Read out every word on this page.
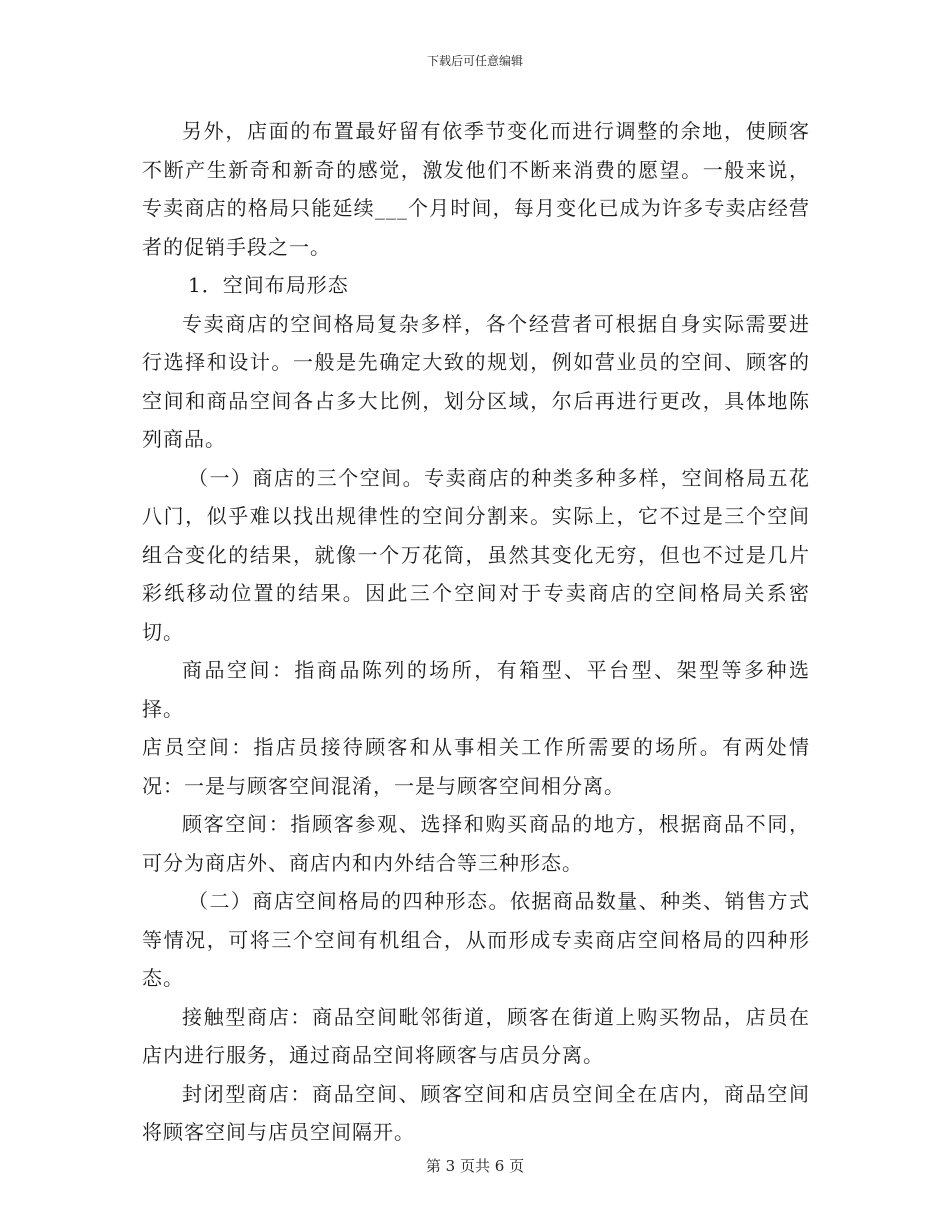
下载后可任意编辑

另外，店面的布置最好留有依季节变化而进行调整的余地，使顾客不断产生新奇和新奇的感觉，激发他们不断来消费的愿望。一般来说，专卖商店的格局只能延续___个月时间，每月变化已成为许多专卖店经营者的促销手段之一。

1．空间布局形态

专卖商店的空间格局复杂多样，各个经营者可根据自身实际需要进行选择和设计。一般是先确定大致的规划，例如营业员的空间、顾客的空间和商品空间各占多大比例，划分区域，尔后再进行更改，具体地陈列商品。

（一）商店的三个空间。专卖商店的种类多种多样，空间格局五花八门，似乎难以找出规律性的空间分割来。实际上，它不过是三个空间组合变化的结果，就像一个万花筒，虽然其变化无穷，但也不过是几片彩纸移动位置的结果。因此三个空间对于专卖商店的空间格局关系密切。

商品空间：指商品陈列的场所，有箱型、平台型、架型等多种选择。

店员空间：指店员接待顾客和从事相关工作所需要的场所。有两处情况：一是与顾客空间混淆，一是与顾客空间相分离。

顾客空间：指顾客参观、选择和购买商品的地方，根据商品不同，可分为商店外、商店内和内外结合等三种形态。

（二）商店空间格局的四种形态。依据商品数量、种类、销售方式等情况，可将三个空间有机组合，从而形成专卖商店空间格局的四种形态。

接触型商店：商品空间毗邻街道，顾客在街道上购买物品，店员在店内进行服务，通过商品空间将顾客与店员分离。

封闭型商店：商品空间、顾客空间和店员空间全在店内，商品空间将顾客空间与店员空间隔开。

第 3 页共 6 页
